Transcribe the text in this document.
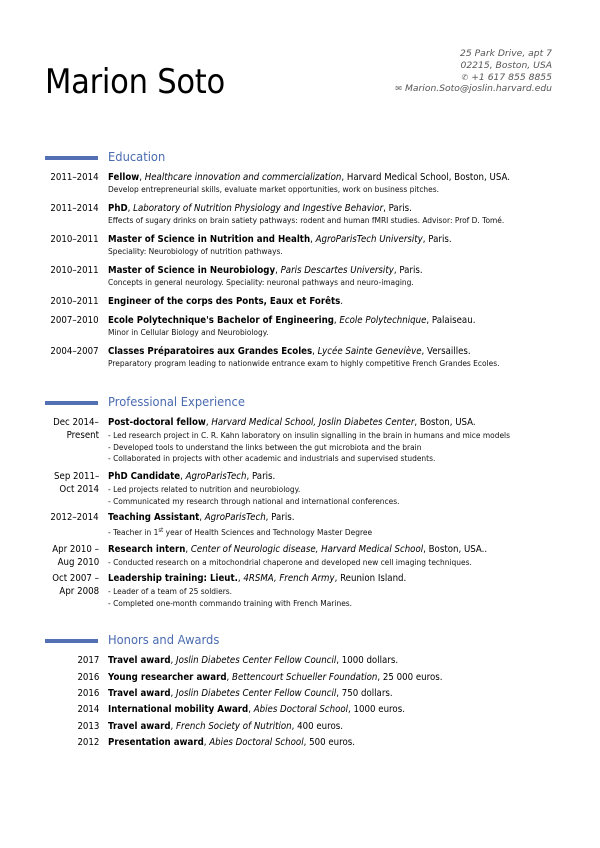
Marion Soto
25 Park Drive, apt 7
02215, Boston, USA
✆ +1 617 855 8855
✉ Marion.Soto@joslin.harvard.edu
Education
2011–2014 Fellow, Healthcare innovation and commercialization, Harvard Medical School, Boston, USA.
Develop entrepreneurial skills, evaluate market opportunities, work on business pitches.
2011–2014 PhD, Laboratory of Nutrition Physiology and Ingestive Behavior, Paris.
Effects of sugary drinks on brain satiety pathways: rodent and human fMRI studies. Advisor: Prof D. Tomé.
2010–2011 Master of Science in Nutrition and Health, AgroParisTech University, Paris.
Speciality: Neurobiology of nutrition pathways.
2010–2011 Master of Science in Neurobiology, Paris Descartes University, Paris.
Concepts in general neurology. Speciality: neuronal pathways and neuro-imaging.
2010–2011 Engineer of the corps des Ponts, Eaux et Forêts.
2007–2010 Ecole Polytechnique's Bachelor of Engineering, Ecole Polytechnique, Palaiseau.
Minor in Cellular Biology and Neurobiology.
2004–2007 Classes Préparatoires aux Grandes Ecoles, Lycée Sainte Geneviève, Versailles.
Preparatory program leading to nationwide entrance exam to highly competitive French Grandes Ecoles.
Professional Experience
Dec 2014–
Present
Post-doctoral fellow, Harvard Medical School, Joslin Diabetes Center, Boston, USA.
- Led research project in C. R. Kahn laboratory on insulin signalling in the brain in humans and mice models
- Developed tools to understand the links between the gut microbiota and the brain
- Collaborated in projects with other academic and industrials and supervised students.
Sep 2011–
Oct 2014
PhD Candidate, AgroParisTech, Paris.
- Led projects related to nutrition and neurobiology.
- Communicated my research through national and international conferences.
2012–2014 Teaching Assistant, AgroParisTech, Paris.
- Teacher in 1st year of Health Sciences and Technology Master Degree
Apr 2010 –
Aug 2010
Research intern, Center of Neurologic disease, Harvard Medical School, Boston, USA..
- Conducted research on a mitochondrial chaperone and developed new cell imaging techniques.
Oct 2007 –
Apr 2008
Leadership training: Lieut., 4RSMA, French Army, Reunion Island.
- Leader of a team of 25 soldiers.
- Completed one-month commando training with French Marines.
Honors and Awards
2017 Travel award, Joslin Diabetes Center Fellow Council, 1000 dollars.
2016 Young researcher award, Bettencourt Schueller Foundation, 25 000 euros.
2016 Travel award, Joslin Diabetes Center Fellow Council, 750 dollars.
2014 International mobility Award, Abies Doctoral School, 1000 euros.
2013 Travel award, French Society of Nutrition, 400 euros.
2012 Presentation award, Abies Doctoral School, 500 euros.
